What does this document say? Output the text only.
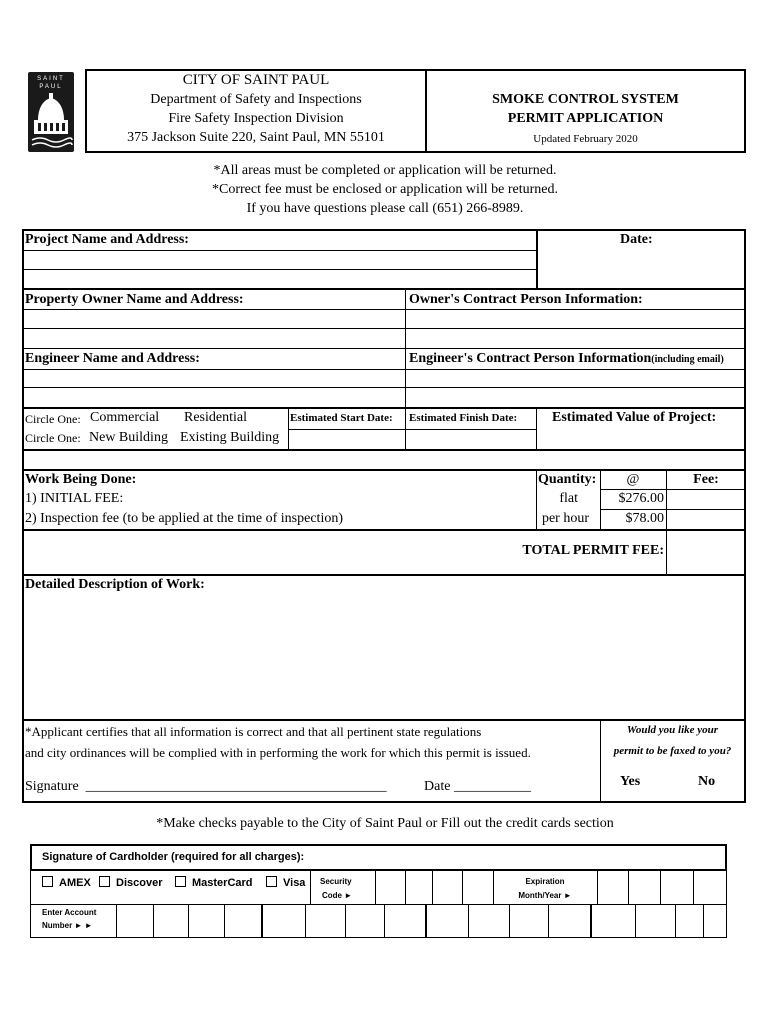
SAINT
PAUL	CITY OF SAINT PAUL
Department of Safety and Inspections
Fire Safety Inspection Division
375 Jackson Suite 220, Saint Paul, MN 55101
SMOKE CONTROL SYSTEM
PERMIT APPLICATION
Updated February 2020
*All areas must be completed or application will be returned.
*Correct fee must be enclosed or application will be returned.
If you have questions please call (651) 266-8989.
Project Name and Address:	Date:
Property Owner Name and Address:	Owner's Contract Person Information:
Engineer Name and Address:	Engineer's Contract Person Information(including email)
Circle One: Commercial Residential
Circle One: New Building Existing Building
Estimated Start Date: Estimated Finish Date: Estimated Value of Project:
Work Being Done:	Quantity:	@	Fee:
1) INITIAL FEE:	flat	$276.00
2) Inspection fee (to be applied at the time of inspection)	per hour	$78.00
TOTAL PERMIT FEE:
Detailed Description of Work:
*Applicant certifies that all information is correct and that all pertinent state regulations
and city ordinances will be complied with in performing the work for which this permit is issued.
Signature ___________________________________________	Date ___________
Would you like your
permit to be faxed to you?
Yes	No
*Make checks payable to the City of Saint Paul or Fill out the credit cards section
Signature of Cardholder (required for all charges):
AMEX	Discover	MasterCard	Visa Security
Code ►
Expiration
Month/Year ►
Enter Account
Number ► ►
